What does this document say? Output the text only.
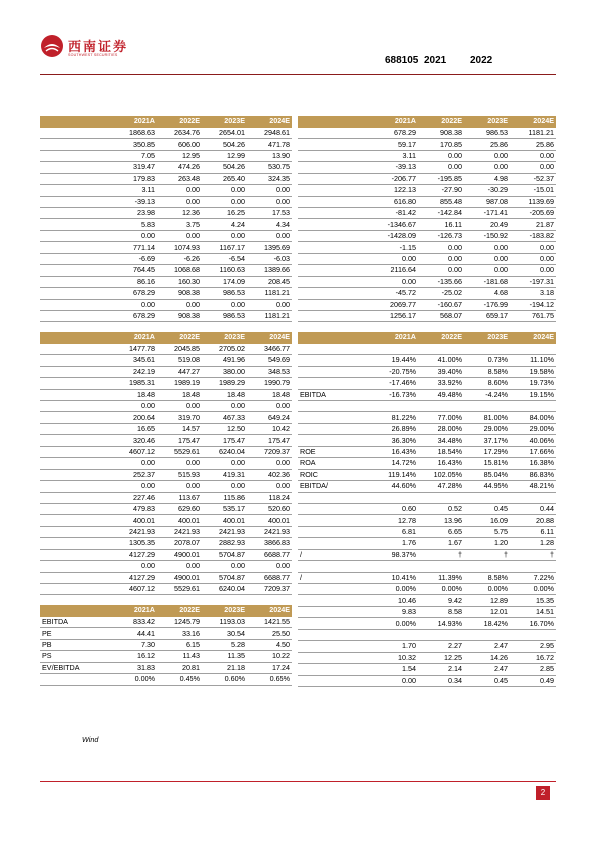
西南证券
SOUTHWEST SECURITIES	688105 2021 2022
	2021A	2022E	2023E	2024E
	1868.63	2634.76	2654.01	2948.61
	350.85	606.00	504.26	471.78
	7.05	12.95	12.99	13.90
	319.47	474.26	504.26	530.75
	179.83	263.48	265.40	324.35
	3.11	0.00	0.00	0.00
	-39.13	0.00	0.00	0.00
	23.98	12.36	16.25	17.53
	5.83	3.75	4.24	4.34
	0.00	0.00	0.00	0.00
	771.14	1074.93	1167.17	1395.69
	-6.69	-6.26	-6.54	-6.03
	764.45	1068.68	1160.63	1389.66
	86.16	160.30	174.09	208.45
	678.29	908.38	986.53	1181.21
	0.00	0.00	0.00	0.00
	678.29	908.38	986.53	1181.21

	2021A	2022E	2023E	2024E
	1477.78	2045.85	2705.02	3466.77
	345.61	519.08	491.96	549.69
	242.19	447.27	380.00	348.53
	1985.31	1989.19	1989.29	1990.79
	18.48	18.48	18.48	18.48
	0.00	0.00	0.00	0.00
	200.64	319.70	467.33	649.24
	16.65	14.57	12.50	10.42
	320.46	175.47	175.47	175.47
	4607.12	5529.61	6240.04	7209.37
	0.00	0.00	0.00	0.00
	252.37	515.93	419.31	402.36
	0.00	0.00	0.00	0.00
	227.46	113.67	115.86	118.24
	479.83	629.60	535.17	520.60
	400.01	400.01	400.01	400.01
	2421.93	2421.93	2421.93	2421.93
	1305.35	2078.07	2882.93	3866.83
	4127.29	4900.01	5704.87	6688.77
	0.00	0.00	0.00	0.00
	4127.29	4900.01	5704.87	6688.77
	4607.12	5529.61	6240.04	7209.37

	2021A	2022E	2023E	2024E
EBITDA	833.42	1245.79	1193.03	1421.55
PE	44.41	33.16	30.54	25.50
PB	7.30	6.15	5.28	4.50
PS	16.12	11.43	11.35	10.22
EV/EBITDA	31.83	20.81	21.18	17.24
	0.00%	0.45%	0.60%	0.65%
	2021A	2022E	2023E	2024E
	678.29	908.38	986.53	1181.21
	59.17	170.85	25.86	25.86
	3.11	0.00	0.00	0.00
	-39.13	0.00	0.00	0.00
	-206.77	-195.85	4.98	-52.37
	122.13	-27.90	-30.29	-15.01
	616.80	855.48	987.08	1139.69
	-81.42	-142.84	-171.41	-205.69
	-1346.67	16.11	20.49	21.87
	-1428.09	-126.73	-150.92	-183.82
	-1.15	0.00	0.00	0.00
	0.00	0.00	0.00	0.00
	2116.64	0.00	0.00	0.00
	0.00	-135.66	-181.68	-197.31
	-45.72	-25.02	4.68	3.18
	2069.77	-160.67	-176.99	-194.12
	1256.17	568.07	659.17	761.75

	2021A	2022E	2023E	2024E

	19.44%	41.00%	0.73%	11.10%
	-20.75%	39.40%	8.58%	19.58%
	-17.46%	33.92%	8.60%	19.73%
EBITDA	-16.73%	49.48%	-4.24%	19.15%

	81.22%	77.00%	81.00%	84.00%
	26.89%	28.00%	29.00%	29.00%
	36.30%	34.48%	37.17%	40.06%
ROE	16.43%	18.54%	17.29%	17.66%
ROA	14.72%	16.43%	15.81%	16.38%
ROIC	119.14%	102.05%	85.04%	86.83%
EBITDA/	44.60%	47.28%	44.95%	48.21%

	0.60	0.52	0.45	0.44
	12.78	13.96	16.09	20.88
	6.81	6.65	5.75	6.11
	1.76	1.67	1.20	1.28
/	98.37%	†	†	†

/	10.41%	11.39%	8.58%	7.22%
	0.00%	0.00%	0.00%	0.00%
	10.46	9.42	12.89	15.35
	9.83	8.58	12.01	14.51
	0.00%	14.93%	18.42%	16.70%

	1.70	2.27	2.47	2.95
	10.32	12.25	14.26	16.72
	1.54	2.14	2.47	2.85
	0.00	0.34	0.45	0.49
Wind
2
